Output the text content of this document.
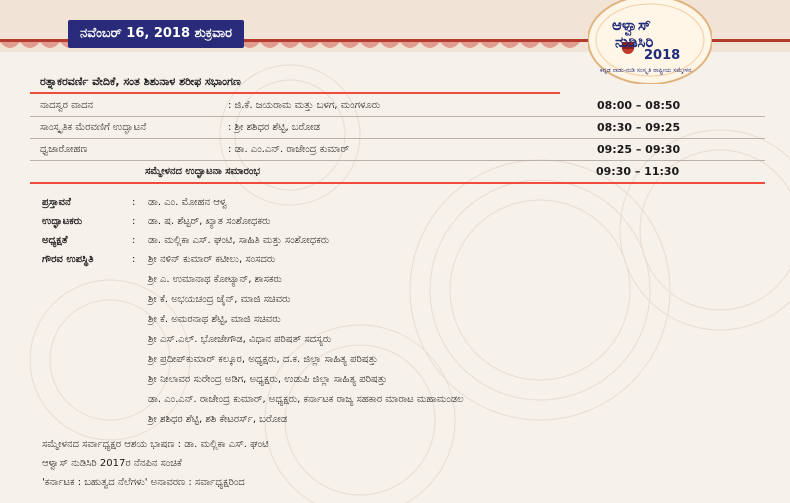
ನವೆಂಬರ್ 16, 2018 ಶುಕ್ರವಾರ	ಆಳ್ವಾಸ್
ನುಡಿಸಿರಿ
2018
ಕನ್ನಡ ನಾಡು-ನುಡಿ ಸಂಸ್ಕೃತಿ ರಾಷ್ಟ್ರೀಯ ಸಮ್ಮೇಳನ
ರತ್ನಾಕರವರ್ಣಿ ವೇದಿಕೆ, ಸಂತ ಶಿಶುನಾಳ ಶರೀಫ ಸಭಾಂಗಣ
ನಾದಸ್ವರ ವಾದನ	: ಜಿ.ಕೆ. ಜಯರಾಮ ಮತ್ತು ಬಳಗ, ಮಂಗಳೂರು	08:00 – 08:50
ಸಾಂಸ್ಕೃತಿಕ ಮೆರವಣಿಗೆ ಉದ್ಘಾಟನೆ	: ಶ್ರೀ ಶಶಿಧರ ಶೆಟ್ಟಿ, ಬರೋಡ	08:30 – 09:25
ಧ್ವಜಾರೋಹಣ	: ಡಾ. ಎಂ.ಎನ್. ರಾಜೇಂದ್ರ ಕುಮಾರ್	09:25 – 09:30
ಸಮ್ಮೇಳನದ ಉದ್ಘಾಟನಾ ಸಮಾರಂಭ	09:30 – 11:30
ಪ್ರಸ್ತಾವನೆ	: ಡಾ. ಎಂ. ಮೋಹನ ಆಳ್ವ
ಉದ್ಘಾಟಕರು	: ಡಾ. ಷ. ಶೆಟ್ಟರ್, ಖ್ಯಾತ ಸಂಶೋಧಕರು
ಅಧ್ಯಕ್ಷತೆ	: ಡಾ. ಮಲ್ಲಿಕಾ ಎಸ್. ಘಂಟಿ, ಸಾಹಿತಿ ಮತ್ತು ಸಂಶೋಧಕರು
ಗೌರವ ಉಪಸ್ಥಿತಿ	: ಶ್ರೀ ನಳಿನ್ ಕುಮಾರ್ ಕಟೀಲು, ಸಂಸದರು
ಶ್ರೀ ಎ. ಉಮಾನಾಥ ಕೋಟ್ಯಾನ್, ಶಾಸಕರು
ಶ್ರೀ ಕೆ. ಅಭಯಚಂದ್ರ ಜೈನ್, ಮಾಜಿ ಸಚಿವರು
ಶ್ರೀ ಕೆ. ಅಮರನಾಥ ಶೆಟ್ಟಿ, ಮಾಜಿ ಸಚಿವರು
ಶ್ರೀ ಎಸ್.ಎಲ್. ಭೋಜೇಗೌಡ, ವಿಧಾನ ಪರಿಷತ್ ಸದಸ್ಯರು
ಶ್ರೀ ಪ್ರದೀಪ್‌ಕುಮಾರ್ ಕಲ್ಕೂರ, ಅಧ್ಯಕ್ಷರು, ದ.ಕ. ಜಿಲ್ಲಾ ಸಾಹಿತ್ಯ ಪರಿಷತ್ತು
ಶ್ರೀ ನೀಲಾವರ ಸುರೇಂದ್ರ ಅಡಿಗ, ಅಧ್ಯಕ್ಷರು, ಉಡುಪಿ ಜಿಲ್ಲಾ ಸಾಹಿತ್ಯ ಪರಿಷತ್ತು
ಡಾ. ಎಂ.ಎನ್. ರಾಜೇಂದ್ರ ಕುಮಾರ್, ಅಧ್ಯಕ್ಷರು, ಕರ್ನಾಟಕ ರಾಜ್ಯ ಸಹಕಾರ ಮಾರಾಟ ಮಹಾಮಂಡಲ
ಶ್ರೀ ಶಶಿಧರ ಶೆಟ್ಟಿ, ಶಶಿ ಕೇಟರರ್ಸ್, ಬರೋಡ
ಸಮ್ಮೇಳನದ ಸರ್ವಾಧ್ಯಕ್ಷರ ಆಶಯ ಭಾಷಣ : ಡಾ. ಮಲ್ಲಿಕಾ ಎಸ್. ಘಂಟಿ
ಆಳ್ವಾಸ್ ನುಡಿಸಿರಿ 2017ರ ನೆನಪಿನ ಸಂಚಿಕೆ
'ಕರ್ನಾಟಕ : ಬಹುತ್ವದ ನೆಲೆಗಳು' ಅನಾವರಣ : ಸರ್ವಾಧ್ಯಕ್ಷರಿಂದ
